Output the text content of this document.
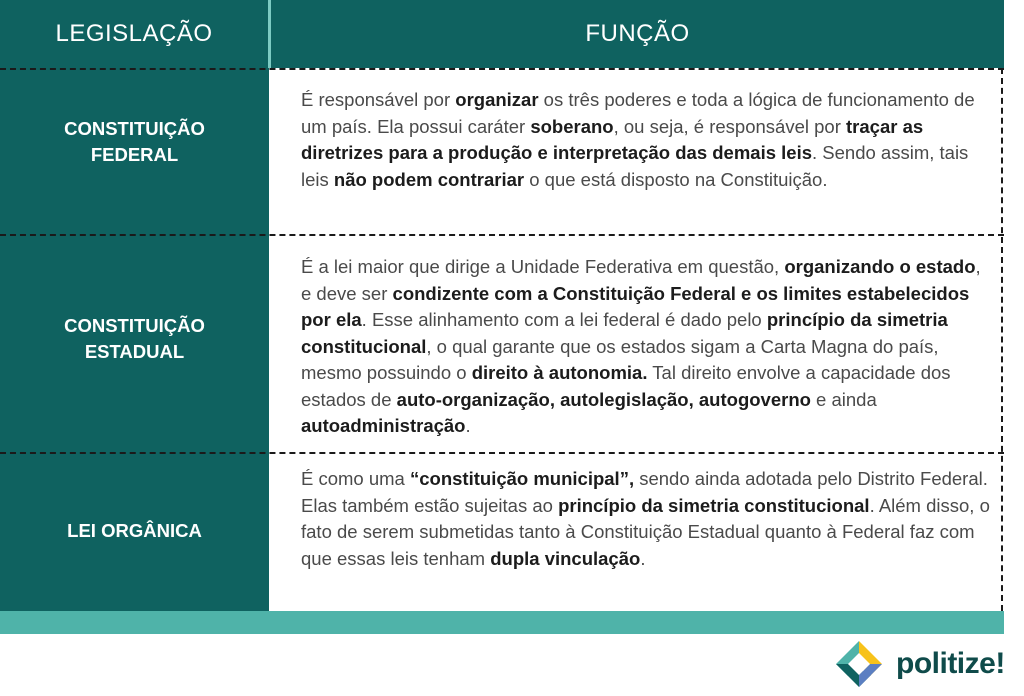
LEGISLAÇÃO	FUNÇÃO
CONSTITUIÇÃO
FEDERAL
CONSTITUIÇÃO
ESTADUAL
LEI ORGÂNICA
É responsável por organizar os três poderes e toda a lógica de funcionamento de um país. Ela possui caráter soberano, ou seja, é responsável por traçar as diretrizes para a produção e interpretação das demais leis. Sendo assim, tais leis não podem contrariar o que está disposto na Constituição.
É a lei maior que dirige a Unidade Federativa em questão, organizando o estado, e deve ser condizente com a Constituição Federal e os limites estabelecidos por ela. Esse alinhamento com a lei federal é dado pelo princípio da simetria constitucional, o qual garante que os estados sigam a Carta Magna do país, mesmo possuindo o direito à autonomia. Tal direito envolve a capacidade dos estados de auto-organização, autolegislação, autogoverno e ainda autoadministração.
É como uma “constituição municipal”, sendo ainda adotada pelo Distrito Federal. Elas também estão sujeitas ao princípio da simetria constitucional. Além disso, o fato de serem submetidas tanto à Constituição Estadual quanto à Federal faz com que essas leis tenham dupla vinculação.
politize!
